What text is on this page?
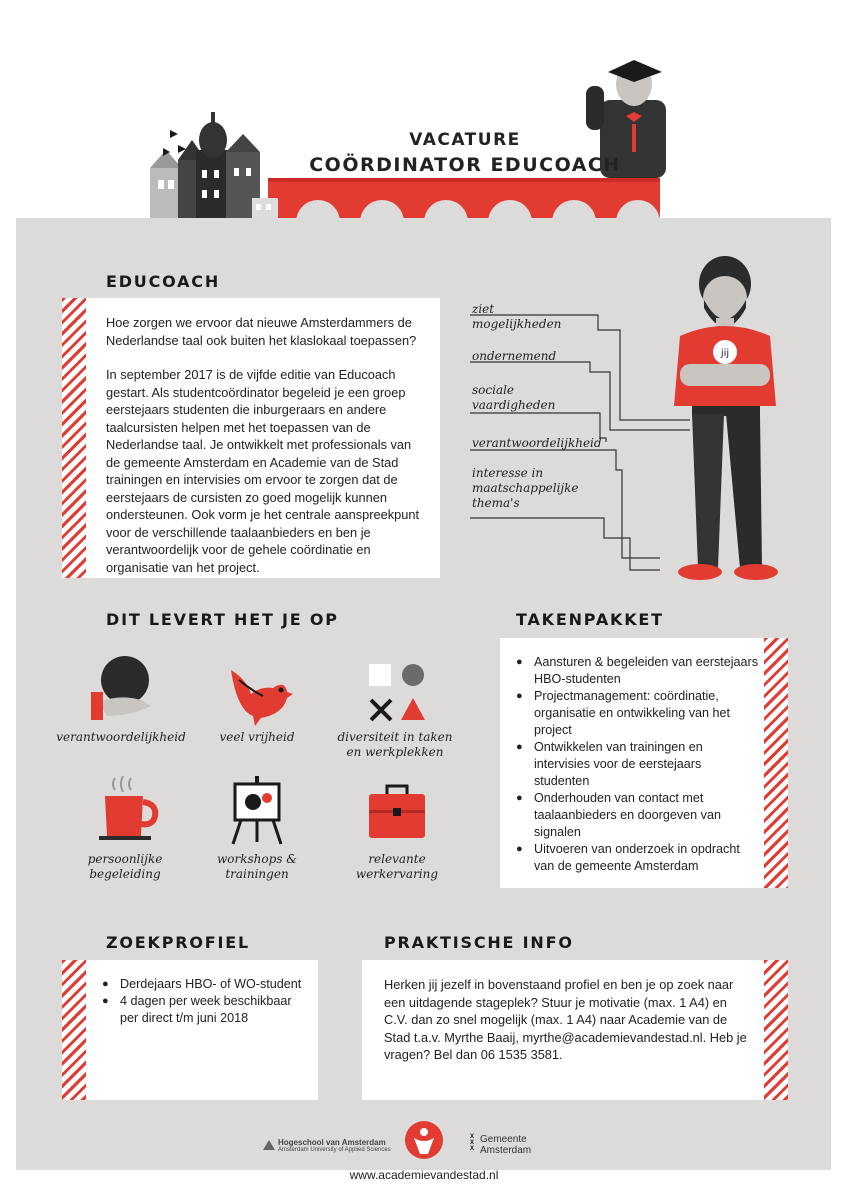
VACATURE
COÖRDINATOR EDUCOACH
EDUCOACH

Hoe zorgen we ervoor dat nieuwe Amsterdammers de Nederlandse taal ook buiten het klaslokaal toepassen?

In september 2017 is de vijfde editie van Educoach gestart. Als studentcoördinator begeleid je een groep eerstejaars studenten die inburgeraars en andere taalcursisten helpen met het toepassen van de Nederlandse taal. Je ontwikkelt met professionals van de gemeente Amsterdam en Academie van de Stad trainingen en intervisies om ervoor te zorgen dat de eerstejaars de cursisten zo goed mogelijk kunnen ondersteunen. Ook vorm je het centrale aanspreekpunt voor de verschillende taalaanbieders en ben je verantwoordelijk voor de gehele coördinatie en organisatie van het project.

ziet
mogelijkheden
ondernemend
sociale
vaardigheden
verantwoordelijkheid
interesse in
maatschappelijke
thema's
jij
DIT LEVERT HET JE OP
verantwoordelijkheid	veel vrijheid	diversiteit in taken
en werkplekken
persoonlijke
begeleiding
workshops &
trainingen
relevante
werkervaring
TAKENPAKKET
● Aansturen & begeleiden van eerstejaars HBO-studenten
● Projectmanagement: coördinatie, organisatie en ontwikkeling van het project
● Ontwikkelen van trainingen en intervisies voor de eerstejaars studenten
● Onderhouden van contact met taalaanbieders en doorgeven van signalen
● Uitvoeren van onderzoek in opdracht van de gemeente Amsterdam
ZOEKPROFIEL
● Derdejaars HBO- of WO-student
● 4 dagen per week beschikbaar per direct t/m juni 2018
PRAKTISCHE INFO

Herken jij jezelf in bovenstaand profiel en ben je op zoek naar een uitdagende stageplek? Stuur je motivatie (max. 1 A4) en C.V. dan zo snel mogelijk (max. 1 A4) naar Academie van de Stad t.a.v. Myrthe Baaij, myrthe@academievandestad.nl. Heb je vragen? Bel dan 06 1535 3581.

Hogeschool van Amsterdam
Amsterdam University of Applied Sciences
XXX
Gemeente
Amsterdam
www.academievandestad.nl
